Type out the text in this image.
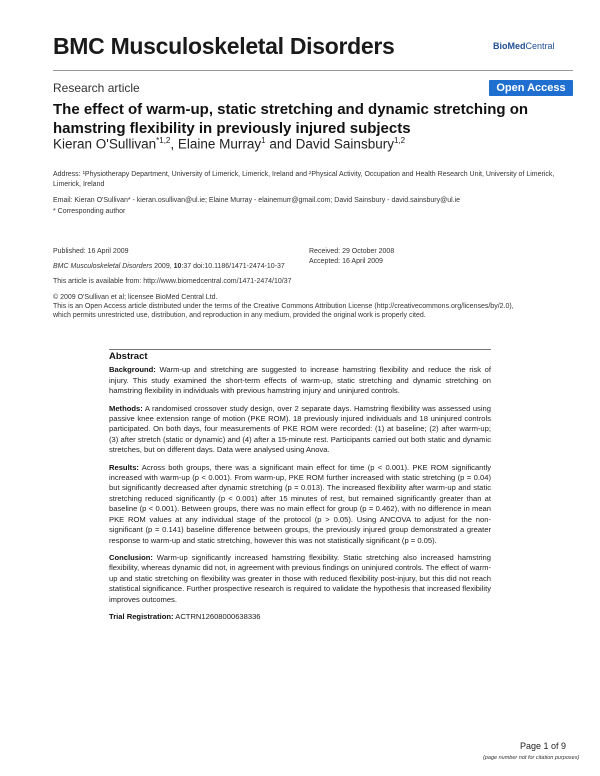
BMC Musculoskeletal Disorders	BioMedCentral
Research article	Open Access
The effect of warm-up, static stretching and dynamic stretching on hamstring flexibility in previously injured subjects
Kieran O'Sullivan$^{*1,2}$, Elaine Murray$^1$ and David Sainsbury$^{1,2}$
Address: ¹Physiotherapy Department, University of Limerick, Limerick, Ireland and ²Physical Activity, Occupation and Health Research Unit, University of Limerick, Limerick, Ireland
Email: Kieran O'Sullivan* - kieran.osullivan@ul.ie; Elaine Murray - elainemurr@gmail.com; David Sainsbury - david.sainsbury@ul.ie
* Corresponding author
Published: 16 April 2009
BMC Musculoskeletal Disorders 2009, 10:37 doi:10.1186/1471-2474-10-37
Received: 29 October 2008
Accepted: 16 April 2009
This article is available from: http://www.biomedcentral.com/1471-2474/10/37
© 2009 O'Sullivan et al; licensee BioMed Central Ltd.
This is an Open Access article distributed under the terms of the Creative Commons Attribution License (http://creativecommons.org/licenses/by/2.0),
which permits unrestricted use, distribution, and reproduction in any medium, provided the original work is properly cited.
Abstract

Background: Warm-up and stretching are suggested to increase hamstring flexibility and reduce the risk of injury. This study examined the short-term effects of warm-up, static stretching and dynamic stretching on hamstring flexibility in individuals with previous hamstring injury and uninjured controls.

Methods: A randomised crossover study design, over 2 separate days. Hamstring flexibility was assessed using passive knee extension range of motion (PKE ROM). 18 previously injured individuals and 18 uninjured controls participated. On both days, four measurements of PKE ROM were recorded: (1) at baseline; (2) after warm-up; (3) after stretch (static or dynamic) and (4) after a 15-minute rest. Participants carried out both static and dynamic stretches, but on different days. Data were analysed using Anova.

Results: Across both groups, there was a significant main effect for time (p < 0.001). PKE ROM significantly increased with warm-up (p < 0.001). From warm-up, PKE ROM further increased with static stretching (p = 0.04) but significantly decreased after dynamic stretching (p = 0.013). The increased flexibility after warm-up and static stretching reduced significantly (p < 0.001) after 15 minutes of rest, but remained significantly greater than at baseline (p < 0.001). Between groups, there was no main effect for group (p = 0.462), with no difference in mean PKE ROM values at any individual stage of the protocol (p > 0.05). Using ANCOVA to adjust for the non-significant (p = 0.141) baseline difference between groups, the previously injured group demonstrated a greater response to warm-up and static stretching, however this was not statistically significant (p = 0.05).

Conclusion: Warm-up significantly increased hamstring flexibility. Static stretching also increased hamstring flexibility, whereas dynamic did not, in agreement with previous findings on uninjured controls. The effect of warm-up and static stretching on flexibility was greater in those with reduced flexibility post-injury, but this did not reach statistical significance. Further prospective research is required to validate the hypothesis that increased flexibility improves outcomes.

Trial Registration: ACTRN12608000638336

Page 1 of 9
(page number not for citation purposes)
